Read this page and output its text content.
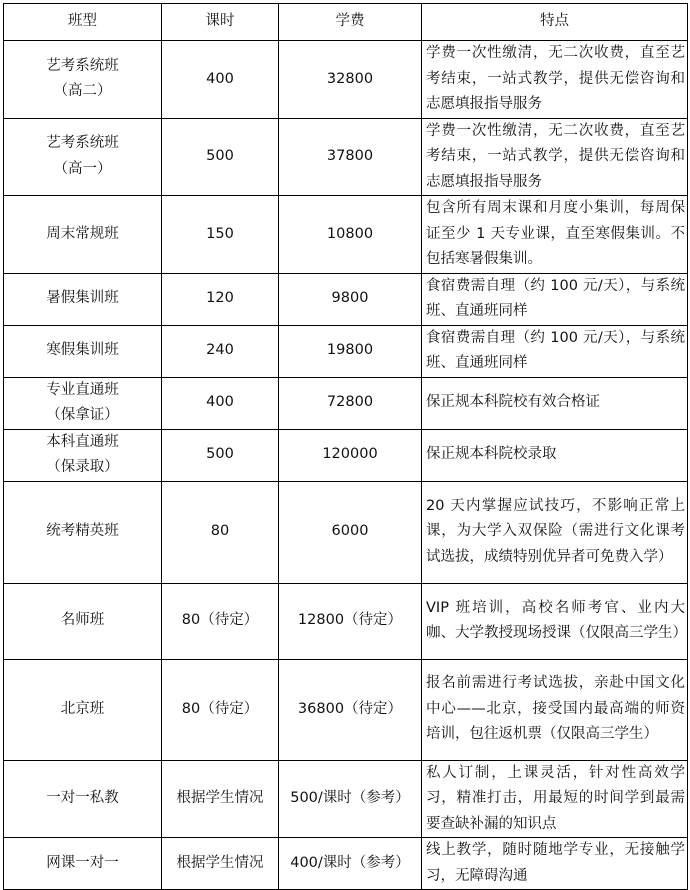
班型	课时	学费	特点

艺考系统班
（高二）	400	32800	学费一次性缴清，无二次收费，直至艺考结束，一站式教学，提供无偿咨询和志愿填报指导服务

艺考系统班
（高一）	500	37800	学费一次性缴清，无二次收费，直至艺考结束，一站式教学，提供无偿咨询和志愿填报指导服务

周末常规班	150	10800	包含所有周末课和月度小集训，每周保证至少 1 天专业课，直至寒假集训。不包括寒暑假集训。

暑假集训班	120	9800	食宿费需自理（约 100 元/天），与系统班、直通班同样

寒假集训班	240	19800	食宿费需自理（约 100 元/天），与系统班、直通班同样

专业直通班
（保拿证）	400	72800	保正规本科院校有效合格证

本科直通班
（保录取）	500	120000	保正规本科院校录取

统考精英班	80	6000	20 天内掌握应试技巧，不影响正常上课，为大学入双保险（需进行文化课考试选拔，成绩特别优异者可免费入学）

名师班	80（待定）	12800（待定）	VIP 班培训，高校名师考官、业内大咖、大学教授现场授课（仅限高三学生）

北京班	80（待定）	36800（待定）	报名前需进行考试选拔，亲赴中国文化中心——北京，接受国内最高端的师资培训，包往返机票（仅限高三学生）

一对一私教	根据学生情况	500/课时（参考）	私人订制，上课灵活，针对性高效学习，精准打击，用最短的时间学到最需要查缺补漏的知识点

网课一对一	根据学生情况	400/课时（参考）	线上教学，随时随地学专业，无接触学习，无障碍沟通
